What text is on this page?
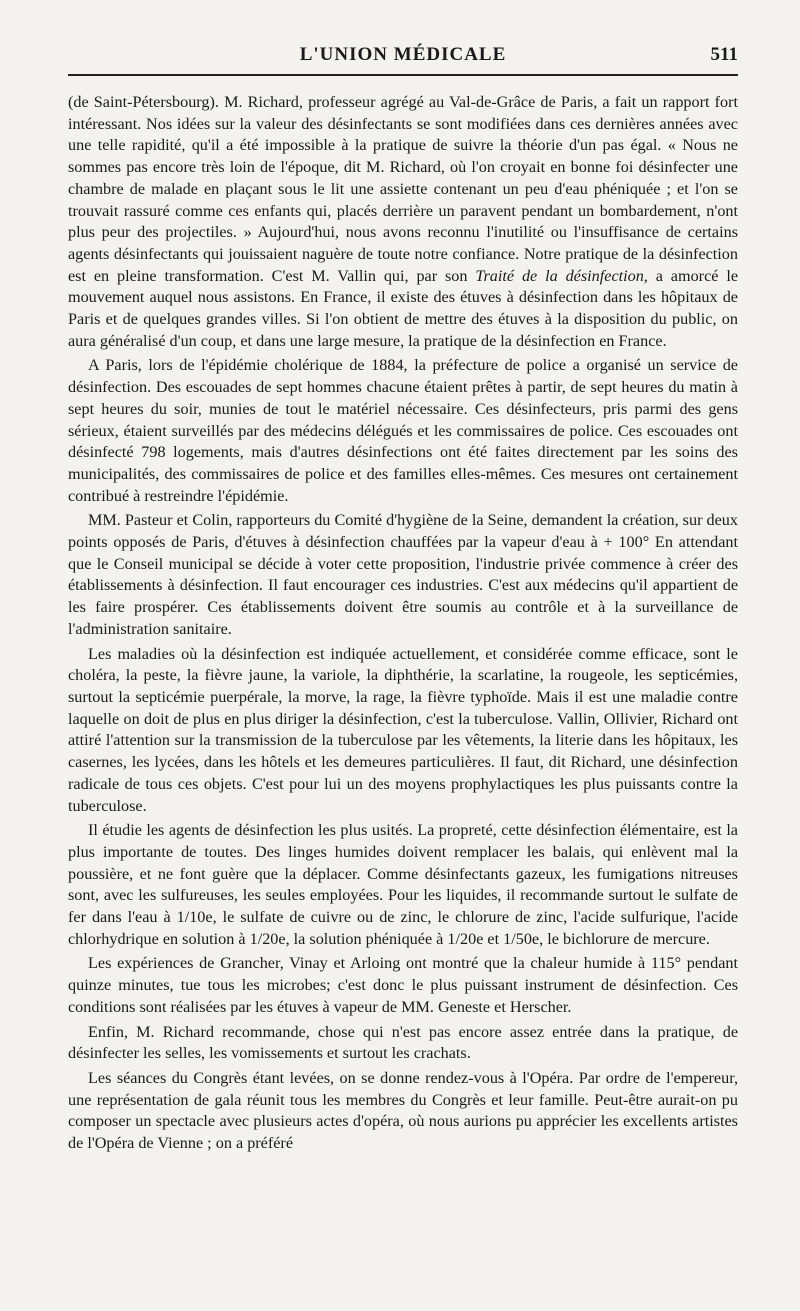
L'UNION MÉDICALE	511

(de Saint-Pétersbourg). M. Richard, professeur agrégé au Val-de-Grâce de Paris, a fait un rapport fort intéressant. Nos idées sur la valeur des désinfectants se sont modifiées dans ces dernières années avec une telle rapidité, qu'il a été impossible à la pratique de suivre la théorie d'un pas égal. « Nous ne sommes pas encore très loin de l'époque, dit M. Richard, où l'on croyait en bonne foi désinfecter une chambre de malade en plaçant sous le lit une assiette contenant un peu d'eau phéniquée ; et l'on se trouvait rassuré comme ces enfants qui, placés derrière un paravent pendant un bombardement, n'ont plus peur des projectiles. » Aujourd'hui, nous avons reconnu l'inutilité ou l'insuffisance de certains agents désinfectants qui jouissaient naguère de toute notre confiance. Notre pratique de la désinfection est en pleine transformation. C'est M. Vallin qui, par son Traité de la désinfection, a amorcé le mouvement auquel nous assistons. En France, il existe des étuves à désinfection dans les hôpitaux de Paris et de quelques grandes villes. Si l'on obtient de mettre des étuves à la disposition du public, on aura généralisé d'un coup, et dans une large mesure, la pratique de la désinfection en France.

A Paris, lors de l'épidémie cholérique de 1884, la préfecture de police a organisé un service de désinfection. Des escouades de sept hommes chacune étaient prêtes à partir, de sept heures du matin à sept heures du soir, munies de tout le matériel nécessaire. Ces désinfecteurs, pris parmi des gens sérieux, étaient surveillés par des médecins délégués et les commissaires de police. Ces escouades ont désinfecté 798 logements, mais d'autres désinfections ont été faites directement par les soins des municipalités, des commissaires de police et des familles elles-mêmes. Ces mesures ont certainement contribué à restreindre l'épidémie.

MM. Pasteur et Colin, rapporteurs du Comité d'hygiène de la Seine, demandent la création, sur deux points opposés de Paris, d'étuves à désinfection chauffées par la vapeur d'eau à + 100° En attendant que le Conseil municipal se décide à voter cette proposition, l'industrie privée commence à créer des établissements à désinfection. Il faut encourager ces industries. C'est aux médecins qu'il appartient de les faire prospérer. Ces établissements doivent être soumis au contrôle et à la surveillance de l'administration sanitaire.

Les maladies où la désinfection est indiquée actuellement, et considérée comme efficace, sont le choléra, la peste, la fièvre jaune, la variole, la diphthérie, la scarlatine, la rougeole, les septicémies, surtout la septicémie puerpérale, la morve, la rage, la fièvre typhoïde. Mais il est une maladie contre laquelle on doit de plus en plus diriger la désinfection, c'est la tuberculose. Vallin, Ollivier, Richard ont attiré l'attention sur la transmission de la tuberculose par les vêtements, la literie dans les hôpitaux, les casernes, les lycées, dans les hôtels et les demeures particulières. Il faut, dit Richard, une désinfection radicale de tous ces objets. C'est pour lui un des moyens prophylactiques les plus puissants contre la tuberculose.

Il étudie les agents de désinfection les plus usités. La propreté, cette désinfection élémentaire, est la plus importante de toutes. Des linges humides doivent remplacer les balais, qui enlèvent mal la poussière, et ne font guère que la déplacer. Comme désinfectants gazeux, les fumigations nitreuses sont, avec les sulfureuses, les seules employées. Pour les liquides, il recommande surtout le sulfate de fer dans l'eau à 1/10e, le sulfate de cuivre ou de zinc, le chlorure de zinc, l'acide sulfurique, l'acide chlorhydrique en solution à 1/20e, la solution phéniquée à 1/20e et 1/50e, le bichlorure de mercure.

Les expériences de Grancher, Vinay et Arloing ont montré que la chaleur humide à 115° pendant quinze minutes, tue tous les microbes; c'est donc le plus puissant instrument de désinfection. Ces conditions sont réalisées par les étuves à vapeur de MM. Geneste et Herscher.

Enfin, M. Richard recommande, chose qui n'est pas encore assez entrée dans la pratique, de désinfecter les selles, les vomissements et surtout les crachats.

Les séances du Congrès étant levées, on se donne rendez-vous à l'Opéra. Par ordre de l'empereur, une représentation de gala réunit tous les membres du Congrès et leur famille. Peut-être aurait-on pu composer un spectacle avec plusieurs actes d'opéra, où nous aurions pu apprécier les excellents artistes de l'Opéra de Vienne ; on a préféré
